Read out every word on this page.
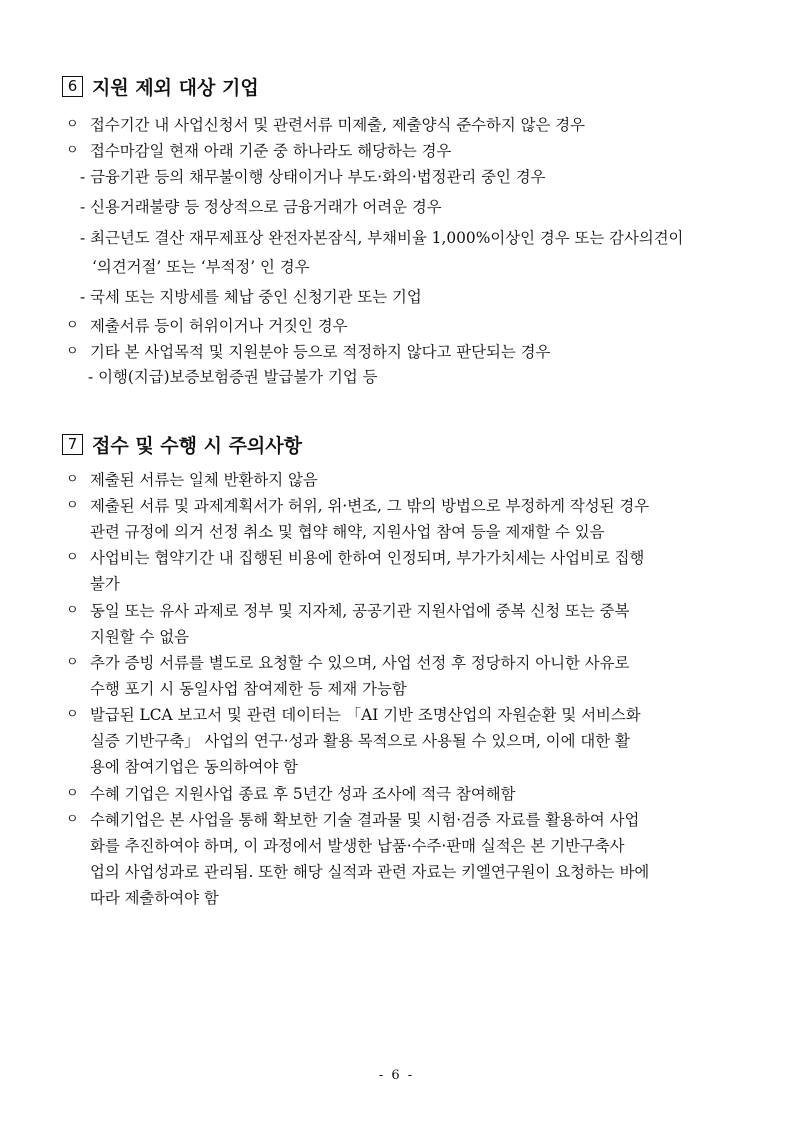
6 지원 제외 대상 기업
ㅇ 접수기간 내 사업신청서 및 관련서류 미제출, 제출양식 준수하지 않은 경우
ㅇ 접수마감일 현재 아래 기준 중 하나라도 해당하는 경우
- 금융기관 등의 채무불이행 상태이거나 부도·화의·법정관리 중인 경우
- 신용거래불량 등 정상적으로 금융거래가 어려운 경우
- 최근년도 결산 재무제표상 완전자본잠식, 부채비율 1,000%이상인 경우 또는 감사의견이
‘의견거절’ 또는 ‘부적정’ 인 경우
- 국세 또는 지방세를 체납 중인 신청기관 또는 기업
ㅇ 제출서류 등이 허위이거나 거짓인 경우
ㅇ 기타 본 사업목적 및 지원분야 등으로 적정하지 않다고 판단되는 경우
- 이행(지급)보증보험증권 발급불가 기업 등
7 접수 및 수행 시 주의사항
ㅇ 제출된 서류는 일체 반환하지 않음
ㅇ 제출된 서류 및 과제계획서가 허위, 위·변조, 그 밖의 방법으로 부정하게 작성된 경우
관련 규정에 의거 선정 취소 및 협약 해약, 지원사업 참여 등을 제재할 수 있음
ㅇ 사업비는 협약기간 내 집행된 비용에 한하여 인정되며, 부가가치세는 사업비로 집행
불가
ㅇ 동일 또는 유사 과제로 정부 및 지자체, 공공기관 지원사업에 중복 신청 또는 중복
지원할 수 없음
ㅇ 추가 증빙 서류를 별도로 요청할 수 있으며, 사업 선정 후 정당하지 아니한 사유로
수행 포기 시 동일사업 참여제한 등 제재 가능함
ㅇ 발급된 LCA 보고서 및 관련 데이터는 「AI 기반 조명산업의 자원순환 및 서비스화
실증 기반구축」 사업의 연구·성과 활용 목적으로 사용될 수 있으며, 이에 대한 활
용에 참여기업은 동의하여야 함
ㅇ 수혜 기업은 지원사업 종료 후 5년간 성과 조사에 적극 참여해함
ㅇ 수혜기업은 본 사업을 통해 확보한 기술 결과물 및 시험·검증 자료를 활용하여 사업
화를 추진하여야 하며, 이 과정에서 발생한 납품·수주·판매 실적은 본 기반구축사
업의 사업성과로 관리됨. 또한 해당 실적과 관련 자료는 키엘연구원이 요청하는 바에
따라 제출하여야 함
- 6 -
